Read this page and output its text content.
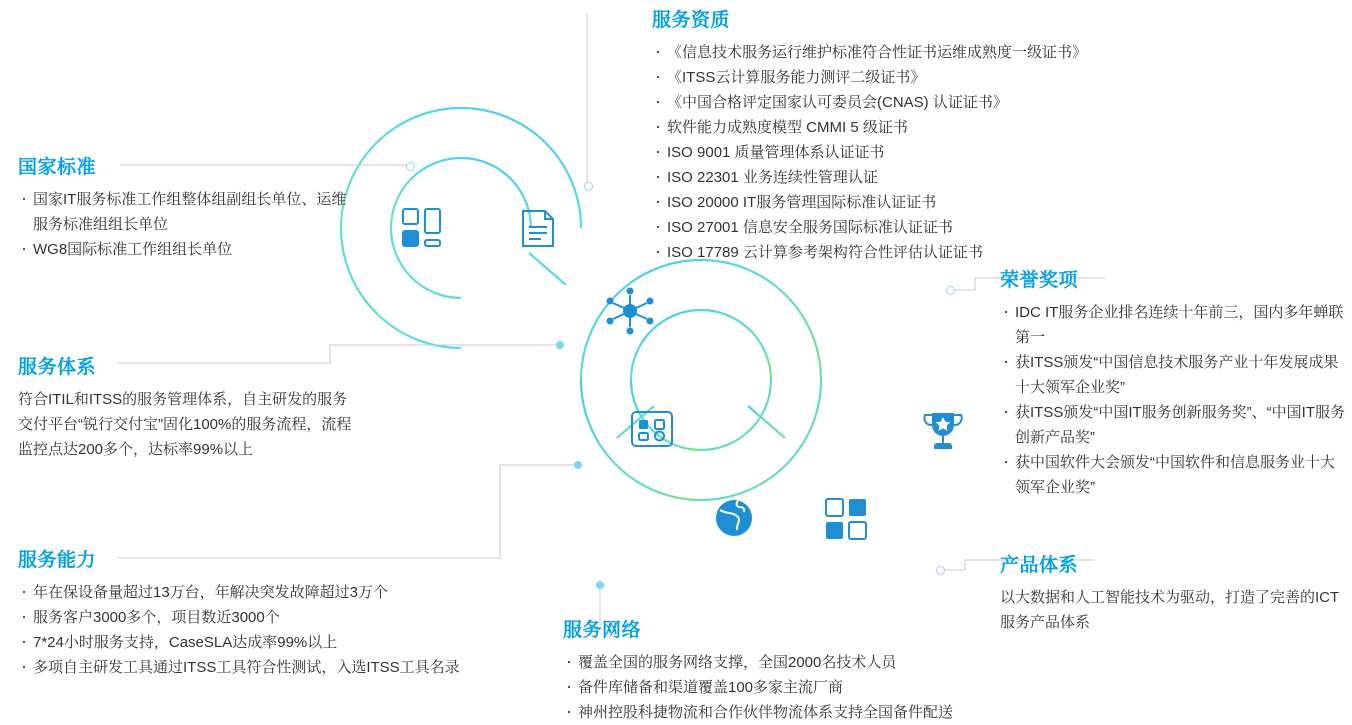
国家标准
· 国家IT服务标准工作组整体组副组长单位、运维服务标准组组长单位
· WG8国际标准工作组组长单位
服务资质
· 《信息技术服务运行维护标准符合性证书运维成熟度一级证书》
· 《ITSS云计算服务能力测评二级证书》
· 《中国合格评定国家认可委员会(CNAS) 认证证书》
· 软件能力成熟度模型 CMMI 5 级证书
· ISO 9001 质量管理体系认证证书
· ISO 22301 业务连续性管理认证
· ISO 20000 IT服务管理国际标准认证证书
· ISO 27001 信息安全服务国际标准认证证书
· ISO 17789 云计算参考架构符合性评估认证证书
服务体系

符合ITIL和ITSS的服务管理体系，自主研发的服务交付平台“锐行交付宝”固化100%的服务流程，流程监控点达200多个，达标率99%以上

荣誉奖项
· IDC IT服务企业排名连续十年前三，国内多年蝉联第一
· 获ITSS颁发“中国信息技术服务产业十年发展成果十大领军企业奖”
· 获ITSS颁发“中国IT服务创新服务奖”、“中国IT服务创新产品奖”
· 获中国软件大会颁发“中国软件和信息服务业十大领军企业奖”
服务能力
· 年在保设备量超过13万台，年解决突发故障超过3万个
· 服务客户3000多个，项目数近3000个
· 7*24小时服务支持，CaseSLA达成率99%以上
· 多项自主研发工具通过ITSS工具符合性测试，入选ITSS工具名录
产品体系

以大数据和人工智能技术为驱动，打造了完善的ICT服务产品体系

服务网络
· 覆盖全国的服务网络支撑，全国2000名技术人员
· 备件库储备和渠道覆盖100多家主流厂商
· 神州控股科捷物流和合作伙伴物流体系支持全国备件配送
